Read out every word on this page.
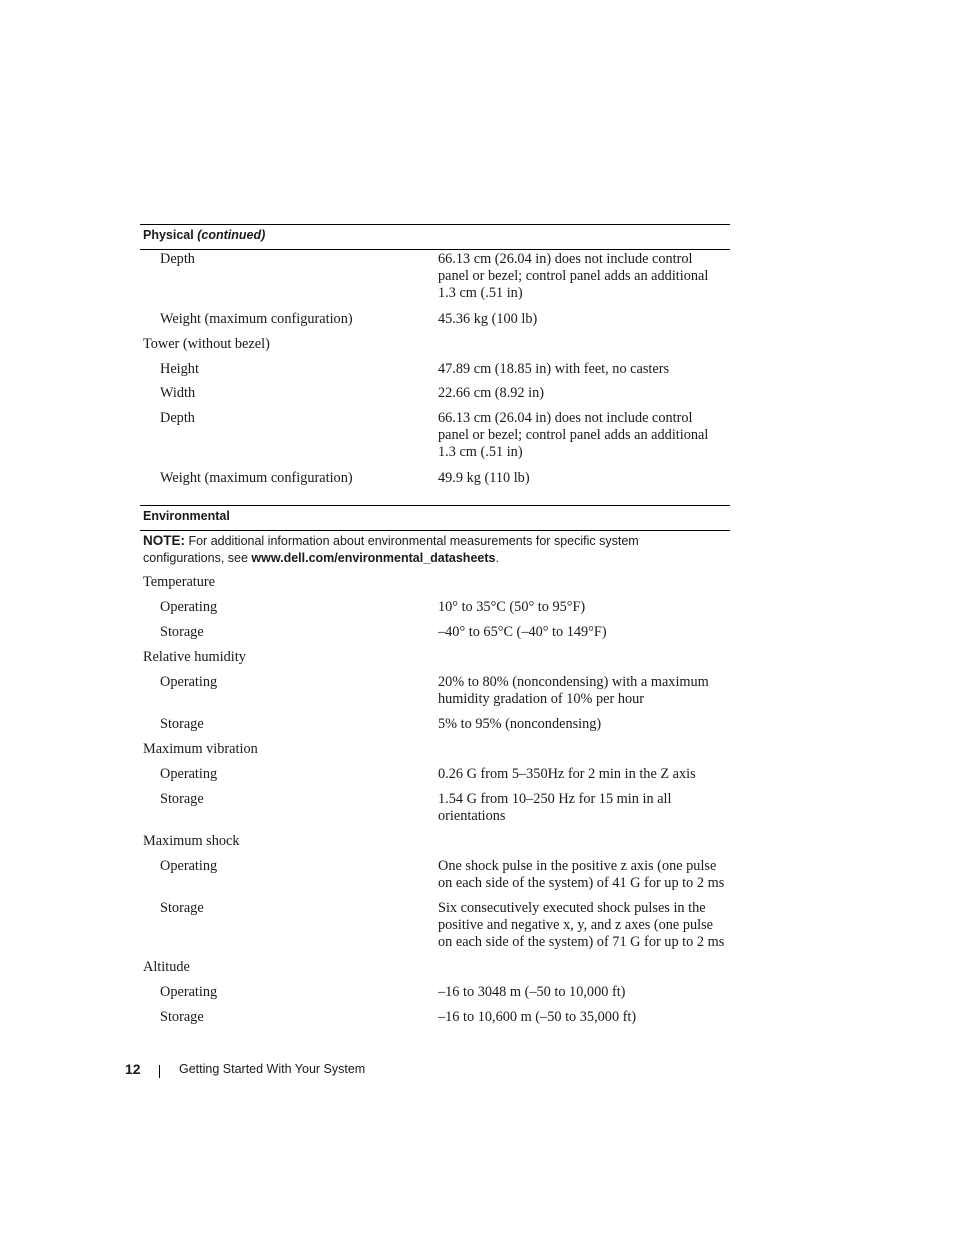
Physical (continued)
Depth	66.13 cm (26.04 in) does not include control
panel or bezel; control panel adds an additional
1.3 cm (.51 in)
Weight (maximum configuration)	45.36 kg (100 lb)
Tower (without bezel)
Height	47.89 cm (18.85 in) with feet, no casters
Width	22.66 cm (8.92 in)
Depth	66.13 cm (26.04 in) does not include control
panel or bezel; control panel adds an additional
1.3 cm (.51 in)
Weight (maximum configuration)	49.9 kg (110 lb)
Environmental
NOTE: For additional information about environmental measurements for specific system
configurations, see www.dell.com/environmental_datasheets.
Temperature
Operating	10° to 35°C (50° to 95°F)
Storage	–40° to 65°C (–40° to 149°F)
Relative humidity
Operating	20% to 80% (noncondensing) with a maximum
humidity gradation of 10% per hour
Storage	5% to 95% (noncondensing)
Maximum vibration
Operating	0.26 G from 5–350Hz for 2 min in the Z axis
Storage	1.54 G from 10–250 Hz for 15 min in all
orientations
Maximum shock
Operating	One shock pulse in the positive z axis (one pulse
on each side of the system) of 41 G for up to 2 ms
Storage	Six consecutively executed shock pulses in the
positive and negative x, y, and z axes (one pulse
on each side of the system) of 71 G for up to 2 ms
Altitude
Operating	–16 to 3048 m (–50 to 10,000 ft)
Storage	–16 to 10,600 m (–50 to 35,000 ft)
12	Getting Started With Your System
